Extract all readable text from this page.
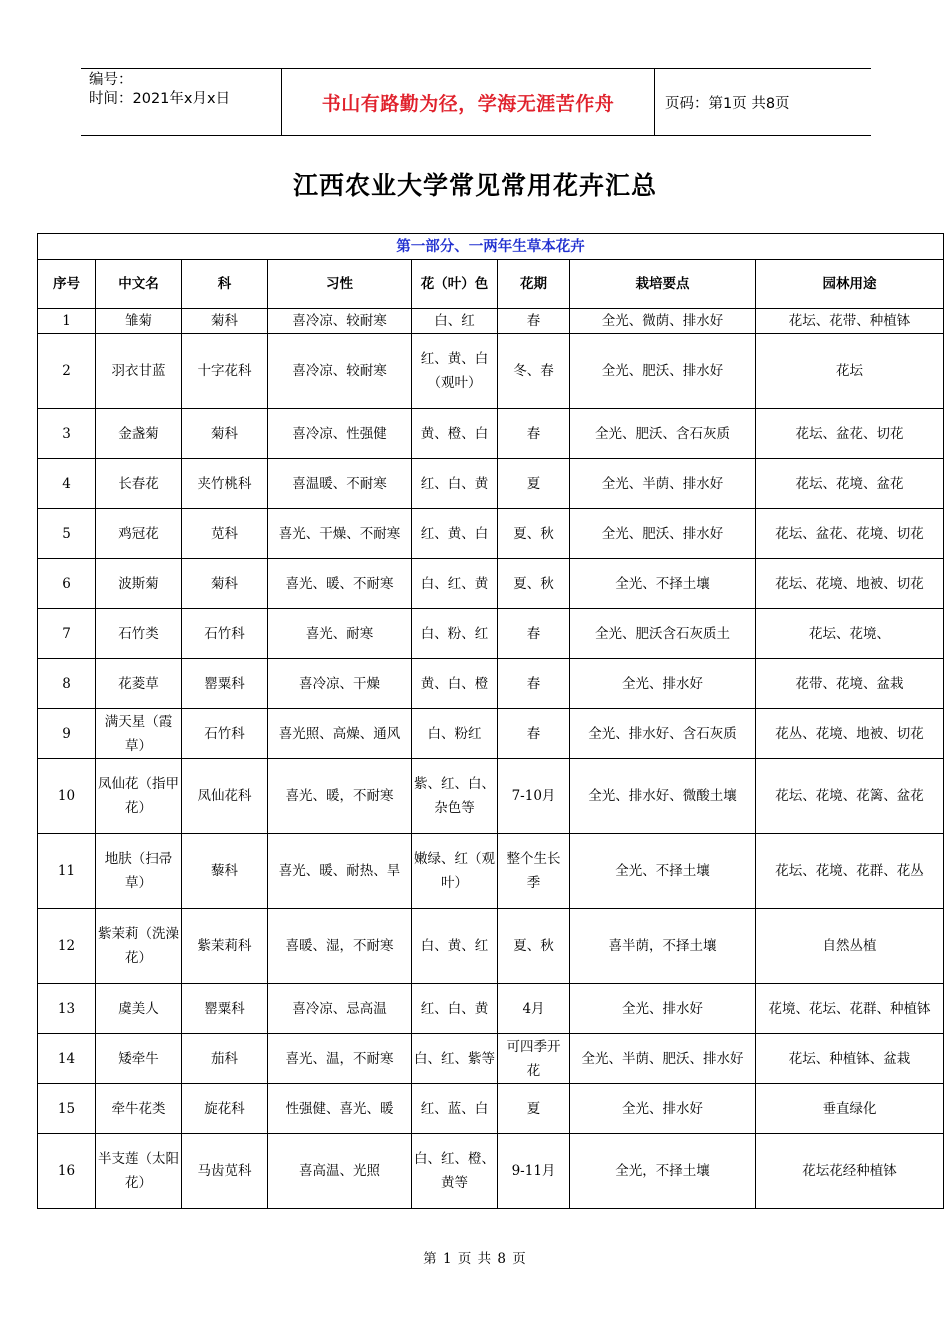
编号：
时间：2021年x月x日	书山有路勤为径，学海无涯苦作舟	页码：第1页 共8页
江西农业大学常见常用花卉汇总
第一部分、一两年生草本花卉							
序号	中文名	科	习性	花（叶）色	花期	栽培要点	园林用途
1	雏菊	菊科	喜冷凉、较耐寒	白、红	春	全光、微荫、排水好	花坛、花带、种植钵
2	羽衣甘蓝	十字花科	喜冷凉、较耐寒	红、黄、白（观叶）	冬、春	全光、肥沃、排水好	花坛
3	金盏菊	菊科	喜冷凉、性强健	黄、橙、白	春	全光、肥沃、含石灰质	花坛、盆花、切花
4	长春花	夹竹桃科	喜温暖、不耐寒	红、白、黄	夏	全光、半荫、排水好	花坛、花境、盆花
5	鸡冠花	苋科	喜光、干燥、不耐寒	红、黄、白	夏、秋	全光、肥沃、排水好	花坛、盆花、花境、切花
6	波斯菊	菊科	喜光、暖、不耐寒	白、红、黄	夏、秋	全光、不择土壤	花坛、花境、地被、切花
7	石竹类	石竹科	喜光、耐寒	白、粉、红	春	全光、肥沃含石灰质土	花坛、花境、
8	花菱草	罂粟科	喜冷凉、干燥	黄、白、橙	春	全光、排水好	花带、花境、盆栽
9	满天星（霞草）	石竹科	喜光照、高燥、通风	白、粉红	春	全光、排水好、含石灰质	花丛、花境、地被、切花
10	凤仙花（指甲花）	凤仙花科	喜光、暖，不耐寒	紫、红、白、杂色等	7-10月	全光、排水好、微酸土壤	花坛、花境、花篱、盆花
11	地肤（扫帚草）	藜科	喜光、暖、耐热、旱	嫩绿、红（观叶）	整个生长季	全光、不择土壤	花坛、花境、花群、花丛
12	紫茉莉（洗澡花）	紫茉莉科	喜暖、湿，不耐寒	白、黄、红	夏、秋	喜半荫，不择土壤	自然丛植
13	虞美人	罂粟科	喜冷凉、忌高温	红、白、黄	4月	全光、排水好	花境、花坛、花群、种植钵
14	矮牵牛	茄科	喜光、温，不耐寒	白、红、紫等	可四季开花	全光、半荫、肥沃、排水好	花坛、种植钵、盆栽
15	牵牛花类	旋花科	性强健、喜光、暖	红、蓝、白	夏	全光、排水好	垂直绿化
16	半支莲（太阳花）	马齿苋科	喜高温、光照	白、红、橙、黄等	9-11月	全光，不择土壤	花坛花经种植钵
第 1 页 共 8 页
